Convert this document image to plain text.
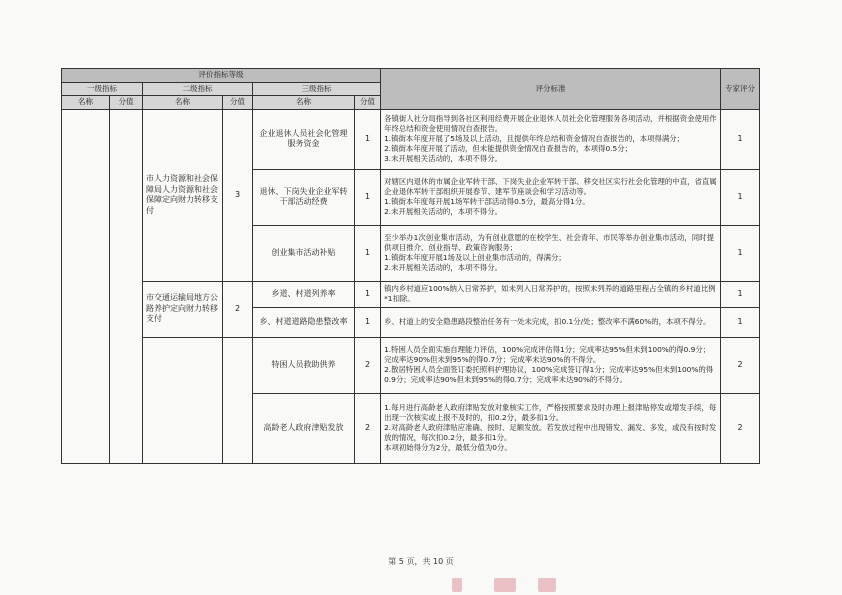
评价指标等级						评分标准	专家评分
一级指标		二级指标		三级指标			
名称	分值	名称	分值	名称	分值		
		市人力资源和社会保障局人力资源和社会保障定向财力转移支付	3	企业退休人员社会化管理服务资金	1	各镇街人社分局指导到各社区利用经费开展企业退休人员社会化管理服务各项活动，并根据资金使用作年终总结和资金使用情况自查报告。
1.镇街本年度开展了5场及以上活动，且提供年终总结和资金情况自查报告的，本项得满分；
2.镇街本年度开展了活动，但未能提供资金情况自查报告的，本项得0.5分；
3.未开展相关活动的，本项不得分。	1
				退休、下岗失业企业军转干部活动经费	1	对辖区内退休的市属企业军转干部、下岗失业企业军转干部、移交社区实行社会化管理的中直，省直属企业退休军转干部组织开展春节、建军节座谈会和学习活动等。
1.镇街本年度每开展1场军转干部活动得0.5分，最高分得1分。
2.未开展相关活动的，本项不得分。	1
				创业集市活动补贴	1	至少举办1次创业集市活动，为有创业意愿的在校学生、社会青年、市民等举办创业集市活动，同时提供项目推介、创业指导、政策咨询服务；
1.镇街本年度开展1场及以上创业集市活动的，得满分；
2.未开展相关活动的，本项不得分。	1
		市交通运输局地方公路养护定向财力转移支付	2	乡道、村道列养率	1	镇内乡村道应100%纳入日常养护，如未列入日常养护的，按照未列养的道路里程占全镇的乡村道比例*1扣除。	1
				乡、村道道路隐患整改率	1	乡、村道上的安全隐患路段整治任务有一处未完成，扣0.1分/处；整改率不满60%的，本项不得分。	1
				特困人员救助供养	2	1.特困人员全面实施自理能力评估，100%完成评估得1分；完成率达95%但未到100%的得0.9分；完成率达90%但未到95%的得0.7分；完成率未达90%的不得分。
2.散居特困人员全面签订委托照料护理协议，100%完成签订得1分；完成率达95%但未到100%的得0.9分；完成率达90%但未到95%的得0.7分；完成率未达90%的不得分。	2
				高龄老人政府津贴发放	2	1.每月进行高龄老人政府津贴发放对象核实工作，严格按照要求及时办理上报津贴停发或增发手续，每出现一次核实或上报不及时的，扣0.2分，最多扣1分。
2.对高龄老人政府津贴应准确、按时、足额发放。若发放过程中出现错发、漏发、多发，或没有按时发放的情况，每次扣0.2分，最多扣1分。
本项初始得分为2分，最低分值为0分。	2
第 5 页，共 10 页
